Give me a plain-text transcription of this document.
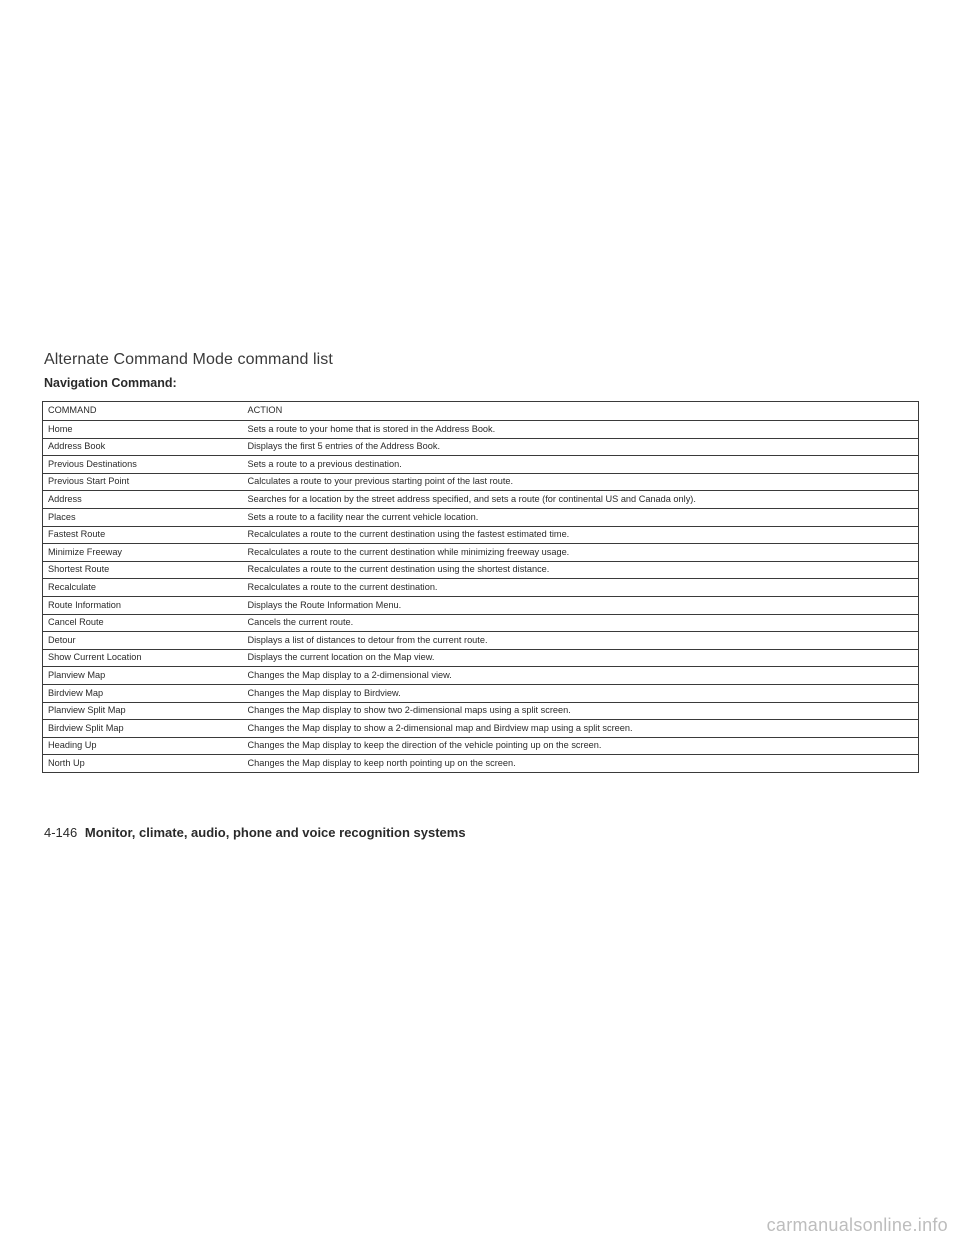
Alternate Command Mode command list
Navigation Command:
COMMAND	ACTION
Home	Sets a route to your home that is stored in the Address Book.
Address Book	Displays the first 5 entries of the Address Book.
Previous Destinations	Sets a route to a previous destination.
Previous Start Point	Calculates a route to your previous starting point of the last route.
Address	Searches for a location by the street address specified, and sets a route (for continental US and Canada only).
Places	Sets a route to a facility near the current vehicle location.
Fastest Route	Recalculates a route to the current destination using the fastest estimated time.
Minimize Freeway	Recalculates a route to the current destination while minimizing freeway usage.
Shortest Route	Recalculates a route to the current destination using the shortest distance.
Recalculate	Recalculates a route to the current destination.
Route Information	Displays the Route Information Menu.
Cancel Route	Cancels the current route.
Detour	Displays a list of distances to detour from the current route.
Show Current Location	Displays the current location on the Map view.
Planview Map	Changes the Map display to a 2-dimensional view.
Birdview Map	Changes the Map display to Birdview.
Planview Split Map	Changes the Map display to show two 2-dimensional maps using a split screen.
Birdview Split Map	Changes the Map display to show a 2-dimensional map and Birdview map using a split screen.
Heading Up	Changes the Map display to keep the direction of the vehicle pointing up on the screen.
North Up	Changes the Map display to keep north pointing up on the screen.

4-146 Monitor, climate, audio, phone and voice recognition systems

carmanualsonline.info
